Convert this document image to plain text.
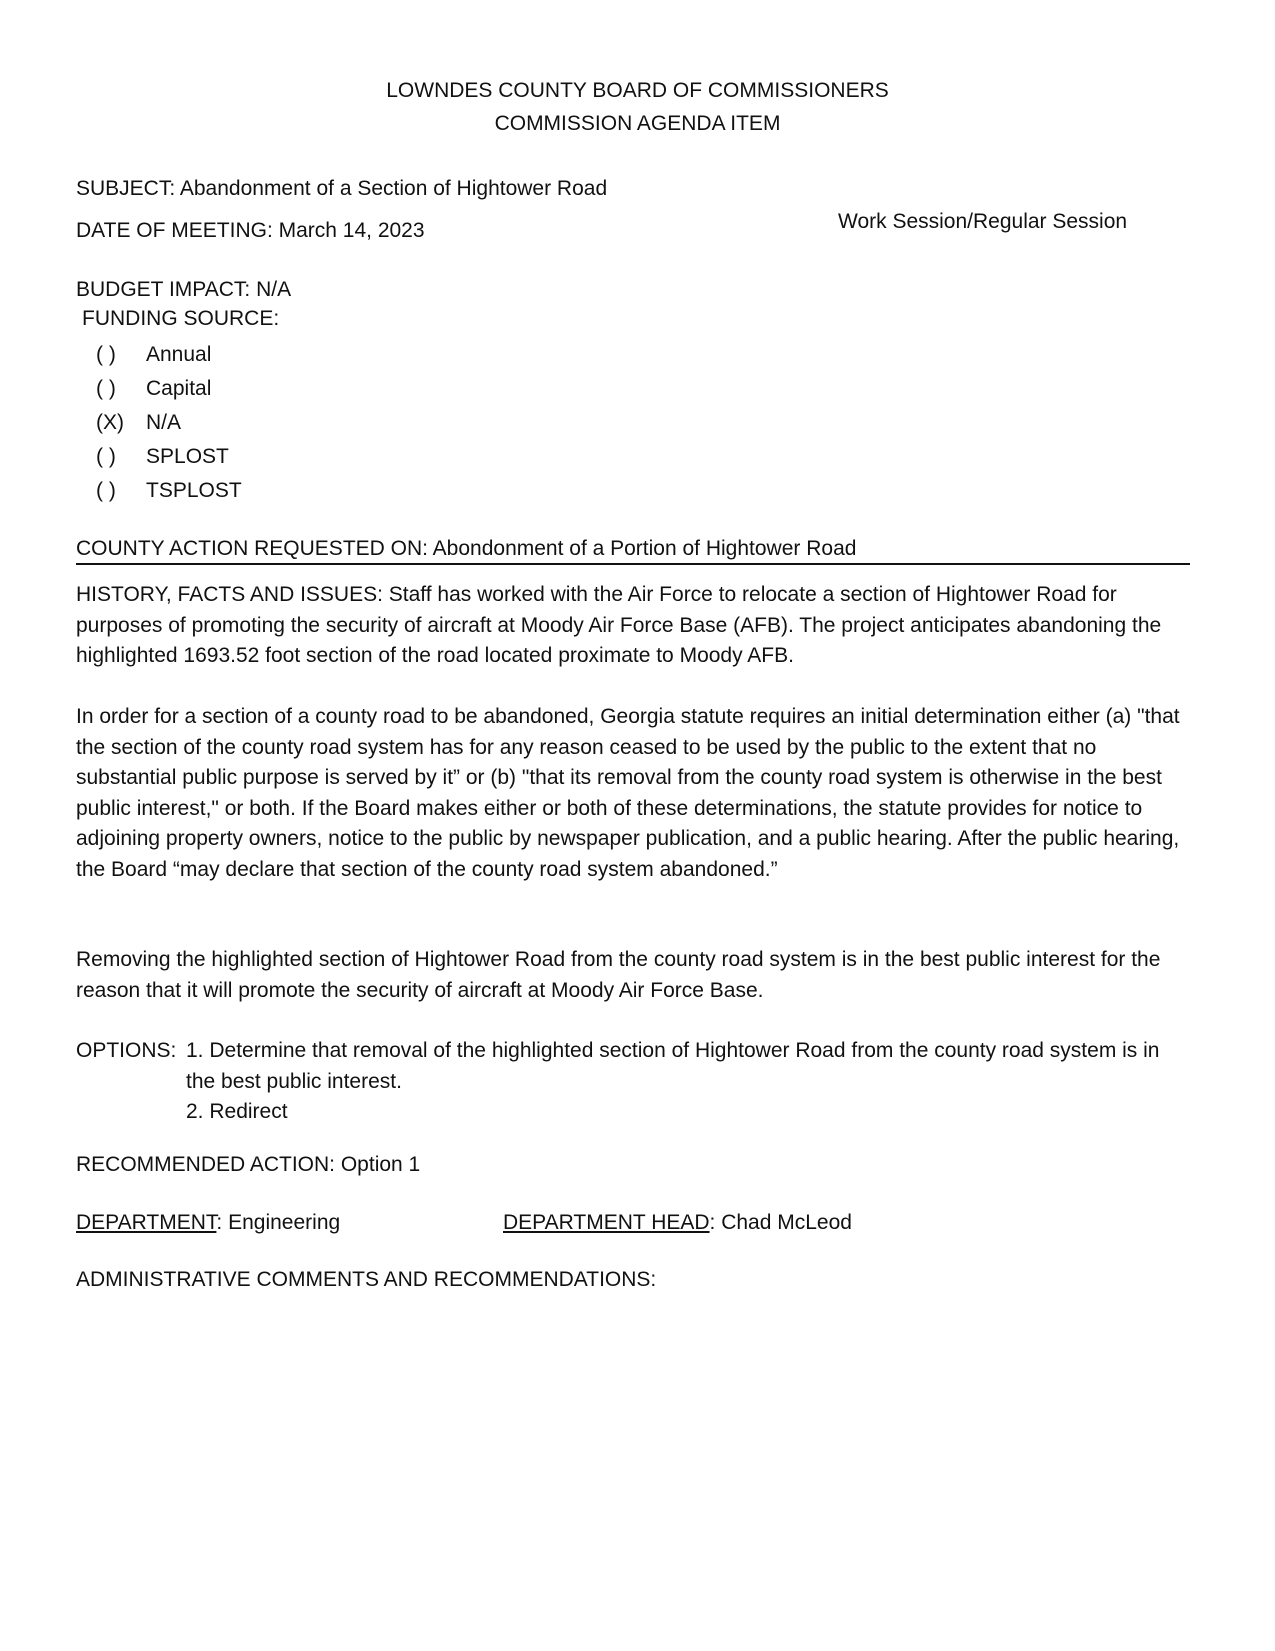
LOWNDES COUNTY BOARD OF COMMISSIONERS
COMMISSION AGENDA ITEM
SUBJECT: Abandonment of a Section of Hightower Road
DATE OF MEETING: March 14, 2023	Work Session/Regular Session
BUDGET IMPACT: N/A
FUNDING SOURCE:
( ) Annual
( ) Capital
(X) N/A
( ) SPLOST
( ) TSPLOST
COUNTY ACTION REQUESTED ON: Abondonment of a Portion of Hightower Road

HISTORY, FACTS AND ISSUES: Staff has worked with the Air Force to relocate a section of Hightower Road for purposes of promoting the security of aircraft at Moody Air Force Base (AFB). The project anticipates abandoning the highlighted 1693.52 foot section of the road located proximate to Moody AFB.

In order for a section of a county road to be abandoned, Georgia statute requires an initial determination either (a) "that the section of the county road system has for any reason ceased to be used by the public to the extent that no substantial public purpose is served by it” or (b) "that its removal from the county road system is otherwise in the best public interest," or both. If the Board makes either or both of these determinations, the statute provides for notice to adjoining property owners, notice to the public by newspaper publication, and a public hearing. After the public hearing, the Board “may declare that section of the county road system abandoned.”

Removing the highlighted section of Hightower Road from the county road system is in the best public interest for the reason that it will promote the security of aircraft at Moody Air Force Base.

OPTIONS: 1. Determine that removal of the highlighted section of Hightower Road from the county road system is in the best public interest.
2. Redirect
RECOMMENDED ACTION: Option 1
DEPARTMENT: Engineering	DEPARTMENT HEAD: Chad McLeod
ADMINISTRATIVE COMMENTS AND RECOMMENDATIONS:
